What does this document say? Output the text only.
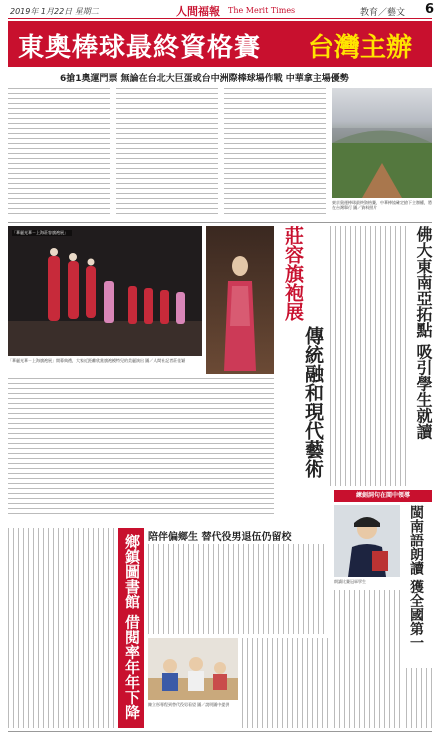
2019年 1月22日 星期二	人間福報 The Merit Times	教育／藝文 6
東奧棒球最終資格賽 台灣主辦
6搶1奧運門票 無論在台北大巨蛋或台中洲際棒球場作戰 中華拿主場優勢
東京奧運棒球最終資格賽，中華棒協確定搶下主辦權，將在台灣舉行 圖／資料照片
「華麗光華－上海莊容旗袍展」
「華麗光華－上海旗袍展」開幕典禮，大家近距離欣賞旗袍模特兒的美麗演出 圖／人間社記者莊佳穎
莊容旗袍展
傳統融和現代藝術	佛大東南亞拓點 吸引學生就讀
練劍詞句在閩中領導
閩南語朗讀 獲全國第一
朗讀比賽冠軍學生
陪伴偏鄉生 替代役男退伍仍留校
陳立彤專程到替代役男看望 圖／說明圖中提供
鄉鎮圖書館 借閱率年年下降
